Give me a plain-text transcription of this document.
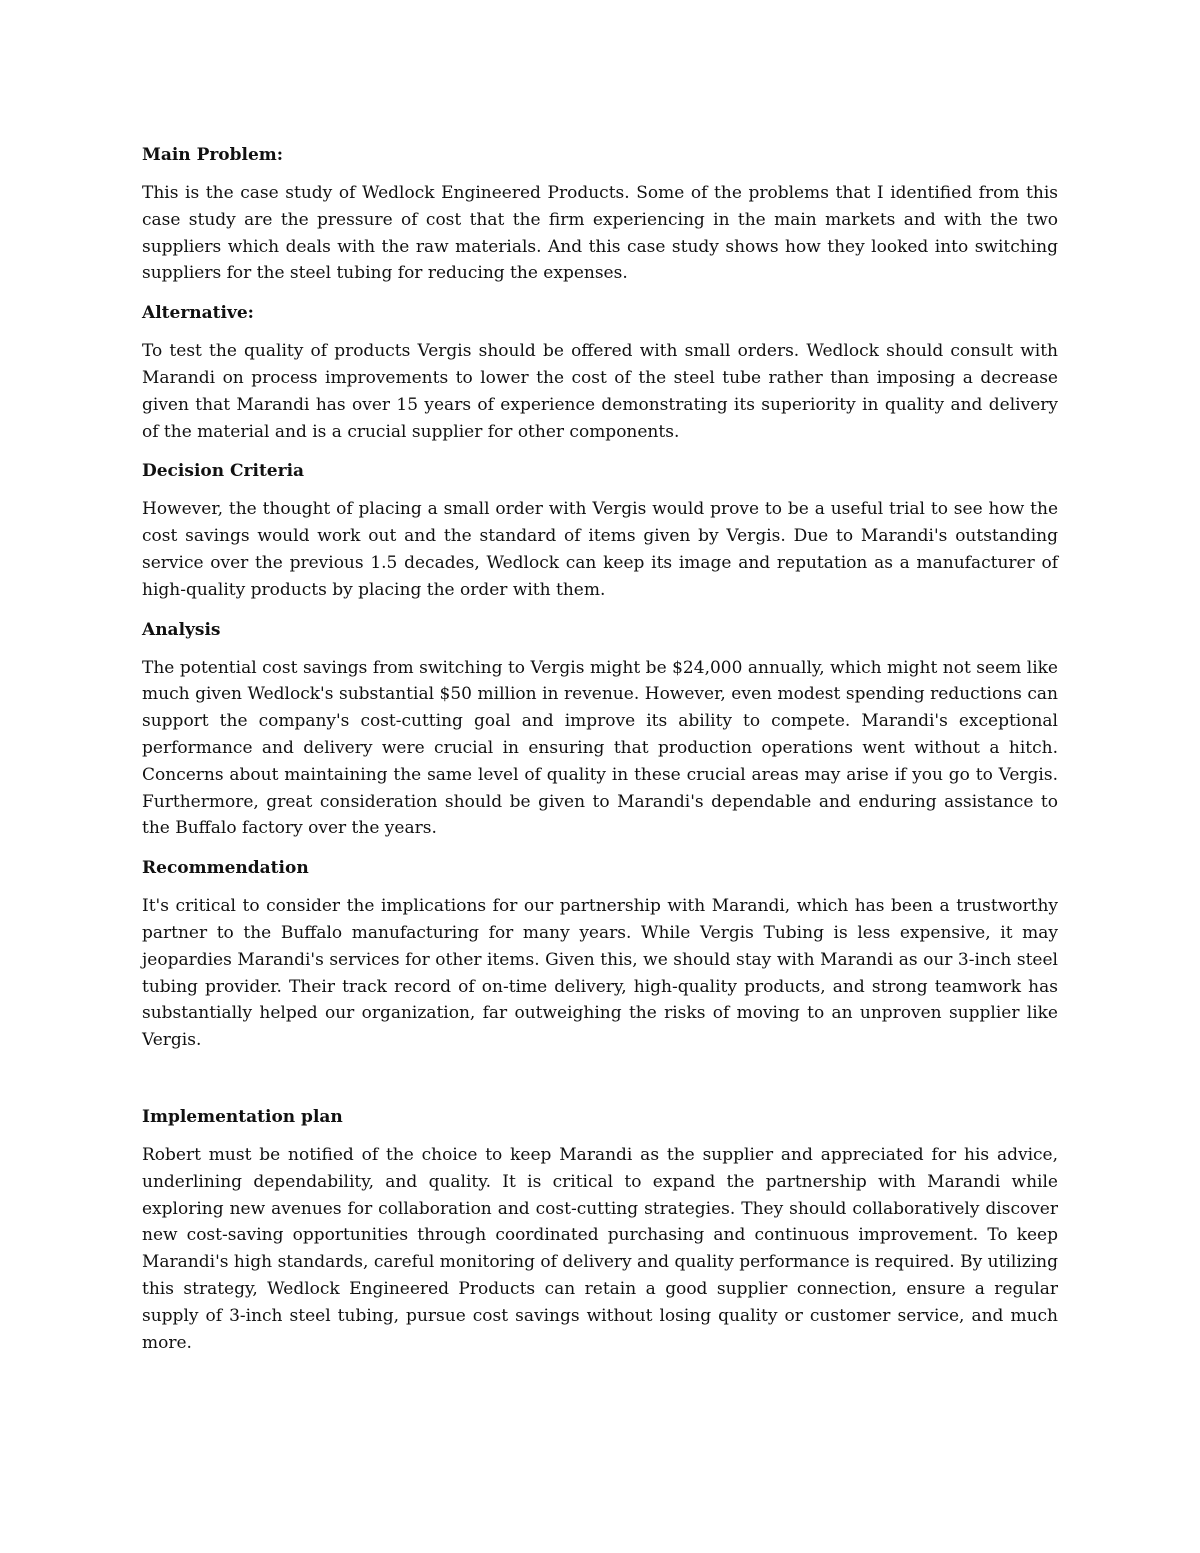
Main Problem:

This is the case study of Wedlock Engineered Products. Some of the problems that I identified from this case study are the pressure of cost that the firm experiencing in the main markets and with the two suppliers which deals with the raw materials. And this case study shows how they looked into switching suppliers for the steel tubing for reducing the expenses.

Alternative:

To test the quality of products Vergis should be offered with small orders. Wedlock should consult with Marandi on process improvements to lower the cost of the steel tube rather than imposing a decrease given that Marandi has over 15 years of experience demonstrating its superiority in quality and delivery of the material and is a crucial supplier for other components.

Decision Criteria

However, the thought of placing a small order with Vergis would prove to be a useful trial to see how the cost savings would work out and the standard of items given by Vergis. Due to Marandi's outstanding service over the previous 1.5 decades, Wedlock can keep its image and reputation as a manufacturer of high-quality products by placing the order with them.

Analysis

The potential cost savings from switching to Vergis might be $24,000 annually, which might not seem like much given Wedlock's substantial $50 million in revenue. However, even modest spending reductions can support the company's cost-cutting goal and improve its ability to compete. Marandi's exceptional performance and delivery were crucial in ensuring that production operations went without a hitch. Concerns about maintaining the same level of quality in these crucial areas may arise if you go to Vergis. Furthermore, great consideration should be given to Marandi's dependable and enduring assistance to the Buffalo factory over the years.

Recommendation

It's critical to consider the implications for our partnership with Marandi, which has been a trustworthy partner to the Buffalo manufacturing for many years. While Vergis Tubing is less expensive, it may jeopardies Marandi's services for other items. Given this, we should stay with Marandi as our 3-inch steel tubing provider. Their track record of on-time delivery, high-quality products, and strong teamwork has substantially helped our organization, far outweighing the risks of moving to an unproven supplier like Vergis.

Implementation plan

Robert must be notified of the choice to keep Marandi as the supplier and appreciated for his advice, underlining dependability, and quality. It is critical to expand the partnership with Marandi while exploring new avenues for collaboration and cost-cutting strategies. They should collaboratively discover new cost-saving opportunities through coordinated purchasing and continuous improvement. To keep Marandi's high standards, careful monitoring of delivery and quality performance is required. By utilizing this strategy, Wedlock Engineered Products can retain a good supplier connection, ensure a regular supply of 3-inch steel tubing, pursue cost savings without losing quality or customer service, and much more.
